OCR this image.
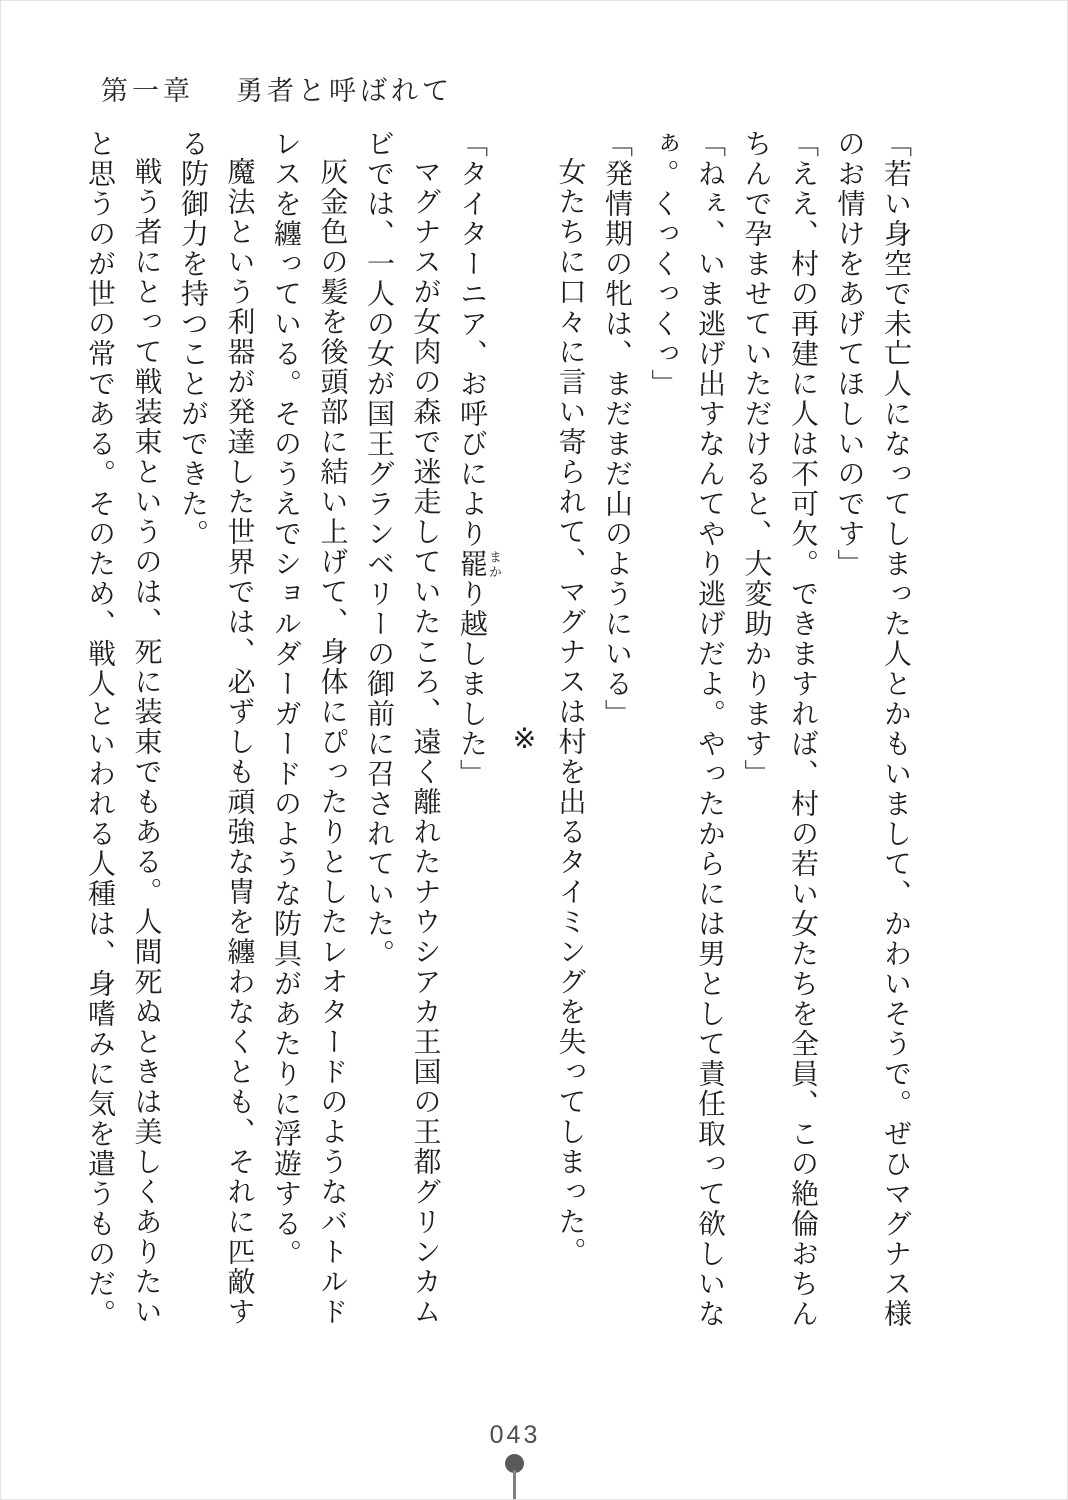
第一章 勇者と呼ばれて
「若い身空で未亡人になってしまった人とかもいまして、かわいそうで。ぜひマグナス様
のお情けをあげてほしいのです」
「ええ、村の再建に人は不可欠。できますれば、村の若い女たちを全員、この絶倫おちん
ちんで孕ませていただけると、大変助かります」
「ねぇ、いま逃げ出すなんてやり逃げだよ。やったからには男として責任取って欲しいな
ぁ。くっくっくっ」
「発情期の牝は、まだまだ山のようにいる」
女たちに口々に言い寄られて、マグナスは村を出るタイミングを失ってしまった。
※
「タイターニア、お呼びにより罷まかり越しました」
マグナスが女肉の森で迷走していたころ、遠く離れたナウシアカ王国の王都グリンカム
ビでは、一人の女が国王グランベリーの御前に召されていた。
灰金色の髪を後頭部に結い上げて、身体にぴったりとしたレオタードのようなバトルド
レスを纏っている。そのうえでショルダーガードのような防具があたりに浮遊する。
魔法という利器が発達した世界では、必ずしも頑強な冑を纏わなくとも、それに匹敵す
る防御力を持つことができた。
戦う者にとって戦装束というのは、死に装束でもある。人間死ぬときは美しくありたい
と思うのが世の常である。そのため、戦人といわれる人種は、身嗜みに気を遣うものだ。
043
